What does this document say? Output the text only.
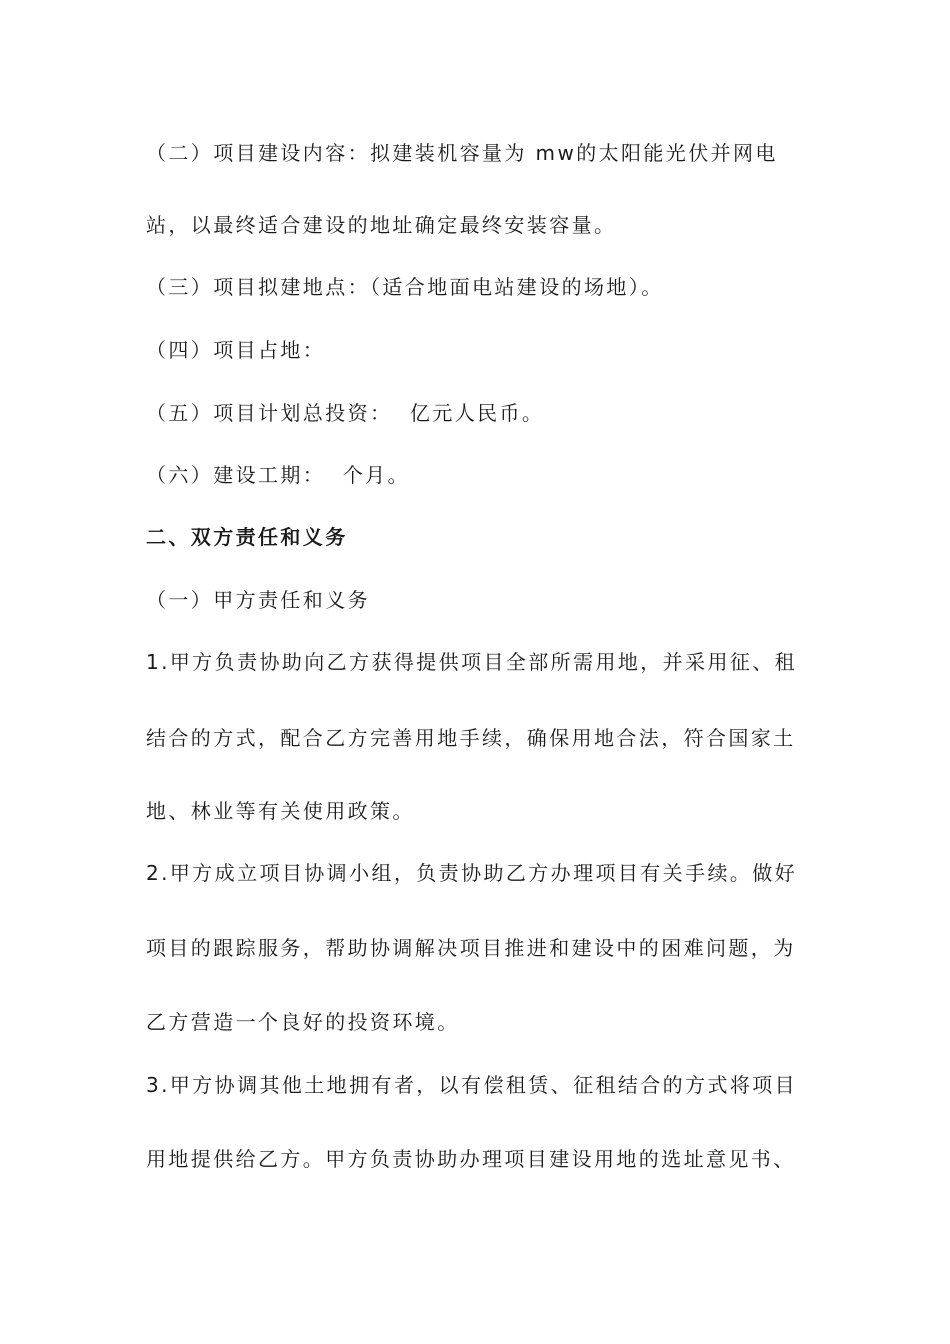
（二）项目建设内容：拟建装机容量为 mw的太阳能光伏并网电
站，以最终适合建设的地址确定最终安装容量。
（三）项目拟建地点：（适合地面电站建设的场地）。
（四）项目占地：
（五）项目计划总投资：  亿元人民币。
（六）建设工期：  个月。
二、双方责任和义务
（一）甲方责任和义务
1.甲方负责协助向乙方获得提供项目全部所需用地，并采用征、租
结合的方式，配合乙方完善用地手续，确保用地合法，符合国家土
地、林业等有关使用政策。
2.甲方成立项目协调小组，负责协助乙方办理项目有关手续。做好
项目的跟踪服务，帮助协调解决项目推进和建设中的困难问题，为
乙方营造一个良好的投资环境。
3.甲方协调其他土地拥有者，以有偿租赁、征租结合的方式将项目
用地提供给乙方。甲方负责协助办理项目建设用地的选址意见书、
